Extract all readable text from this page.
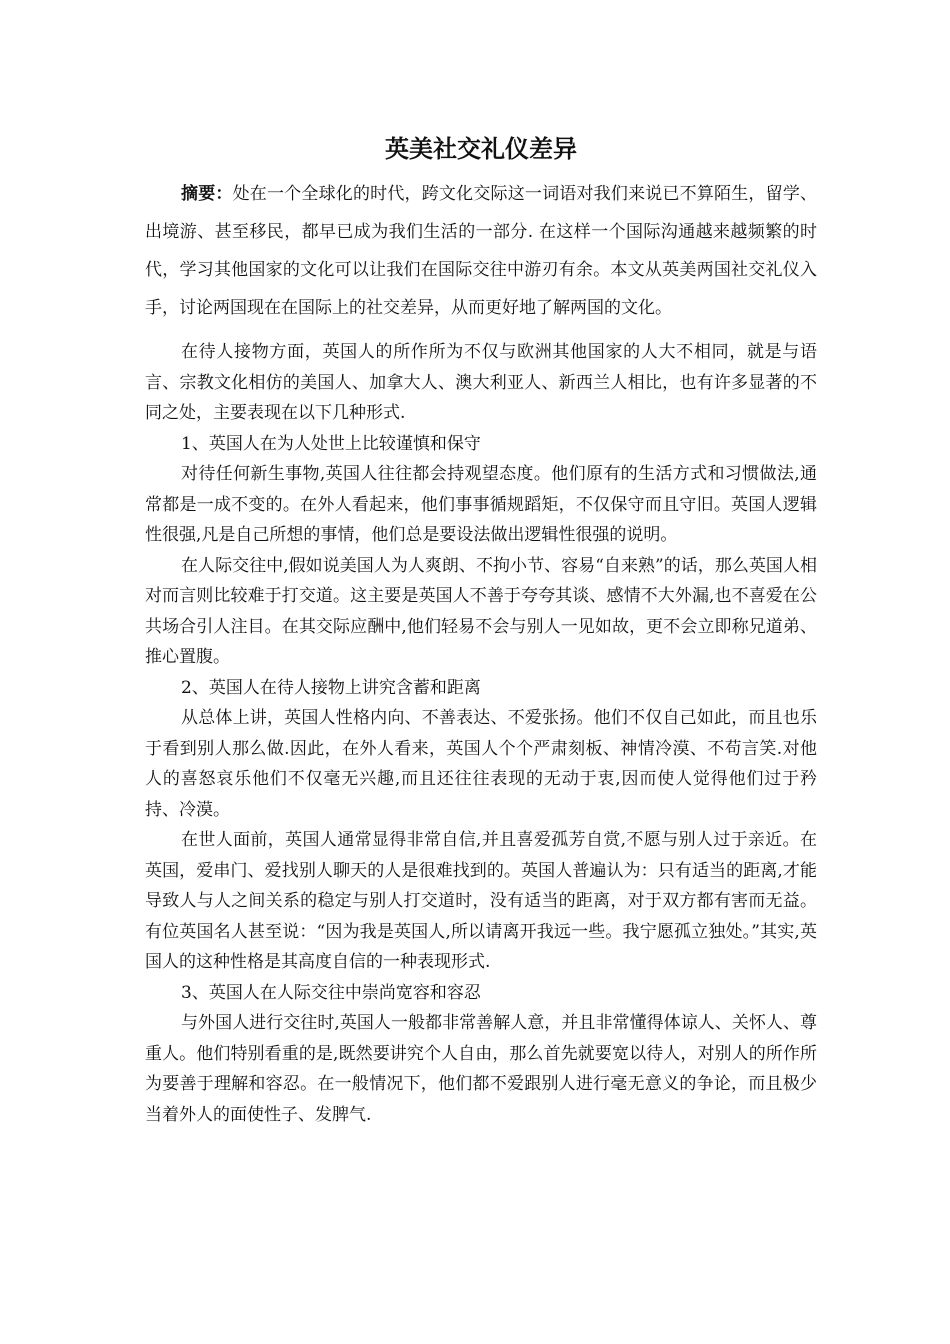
英美社交礼仪差异
摘要：处在一个全球化的时代，跨文化交际这一词语对我们来说已不算陌生，留学、出境游、甚至移民，都早已成为我们生活的一部分. 在这样一个国际沟通越来越频繁的时代，学习其他国家的文化可以让我们在国际交往中游刃有余。本文从英美两国社交礼仪入手，讨论两国现在在国际上的社交差异，从而更好地了解两国的文化。

在待人接物方面，英国人的所作所为不仅与欧洲其他国家的人大不相同，就是与语言、宗教文化相仿的美国人、加拿大人、澳大利亚人、新西兰人相比，也有许多显著的不同之处，主要表现在以下几种形式.

1、英国人在为人处世上比较谨慎和保守

对待任何新生事物,英国人往往都会持观望态度。他们原有的生活方式和习惯做法,通常都是一成不变的。在外人看起来，他们事事循规蹈矩，不仅保守而且守旧。英国人逻辑性很强,凡是自己所想的事情，他们总是要设法做出逻辑性很强的说明。

在人际交往中,假如说美国人为人爽朗、不拘小节、容易“自来熟”的话，那么英国人相对而言则比较难于打交道。这主要是英国人不善于夸夸其谈、感情不大外漏,也不喜爱在公共场合引人注目。在其交际应酬中,他们轻易不会与别人一见如故，更不会立即称兄道弟、推心置腹。

2、英国人在待人接物上讲究含蓄和距离

从总体上讲，英国人性格内向、不善表达、不爱张扬。他们不仅自己如此，而且也乐于看到别人那么做.因此，在外人看来，英国人个个严肃刻板、神情冷漠、不苟言笑.对他人的喜怒哀乐他们不仅毫无兴趣,而且还往往表现的无动于衷,因而使人觉得他们过于矜持、冷漠。

在世人面前，英国人通常显得非常自信,并且喜爱孤芳自赏,不愿与别人过于亲近。在英国，爱串门、爱找别人聊天的人是很难找到的。英国人普遍认为：只有适当的距离,才能导致人与人之间关系的稳定与别人打交道时，没有适当的距离，对于双方都有害而无益。有位英国名人甚至说：“因为我是英国人,所以请离开我远一些。我宁愿孤立独处。”其实,英国人的这种性格是其高度自信的一种表现形式.

3、英国人在人际交往中崇尚宽容和容忍

与外国人进行交往时,英国人一般都非常善解人意，并且非常懂得体谅人、关怀人、尊重人。他们特别看重的是,既然要讲究个人自由，那么首先就要宽以待人，对别人的所作所为要善于理解和容忍。在一般情况下，他们都不爱跟别人进行毫无意义的争论，而且极少当着外人的面使性子、发脾气.
